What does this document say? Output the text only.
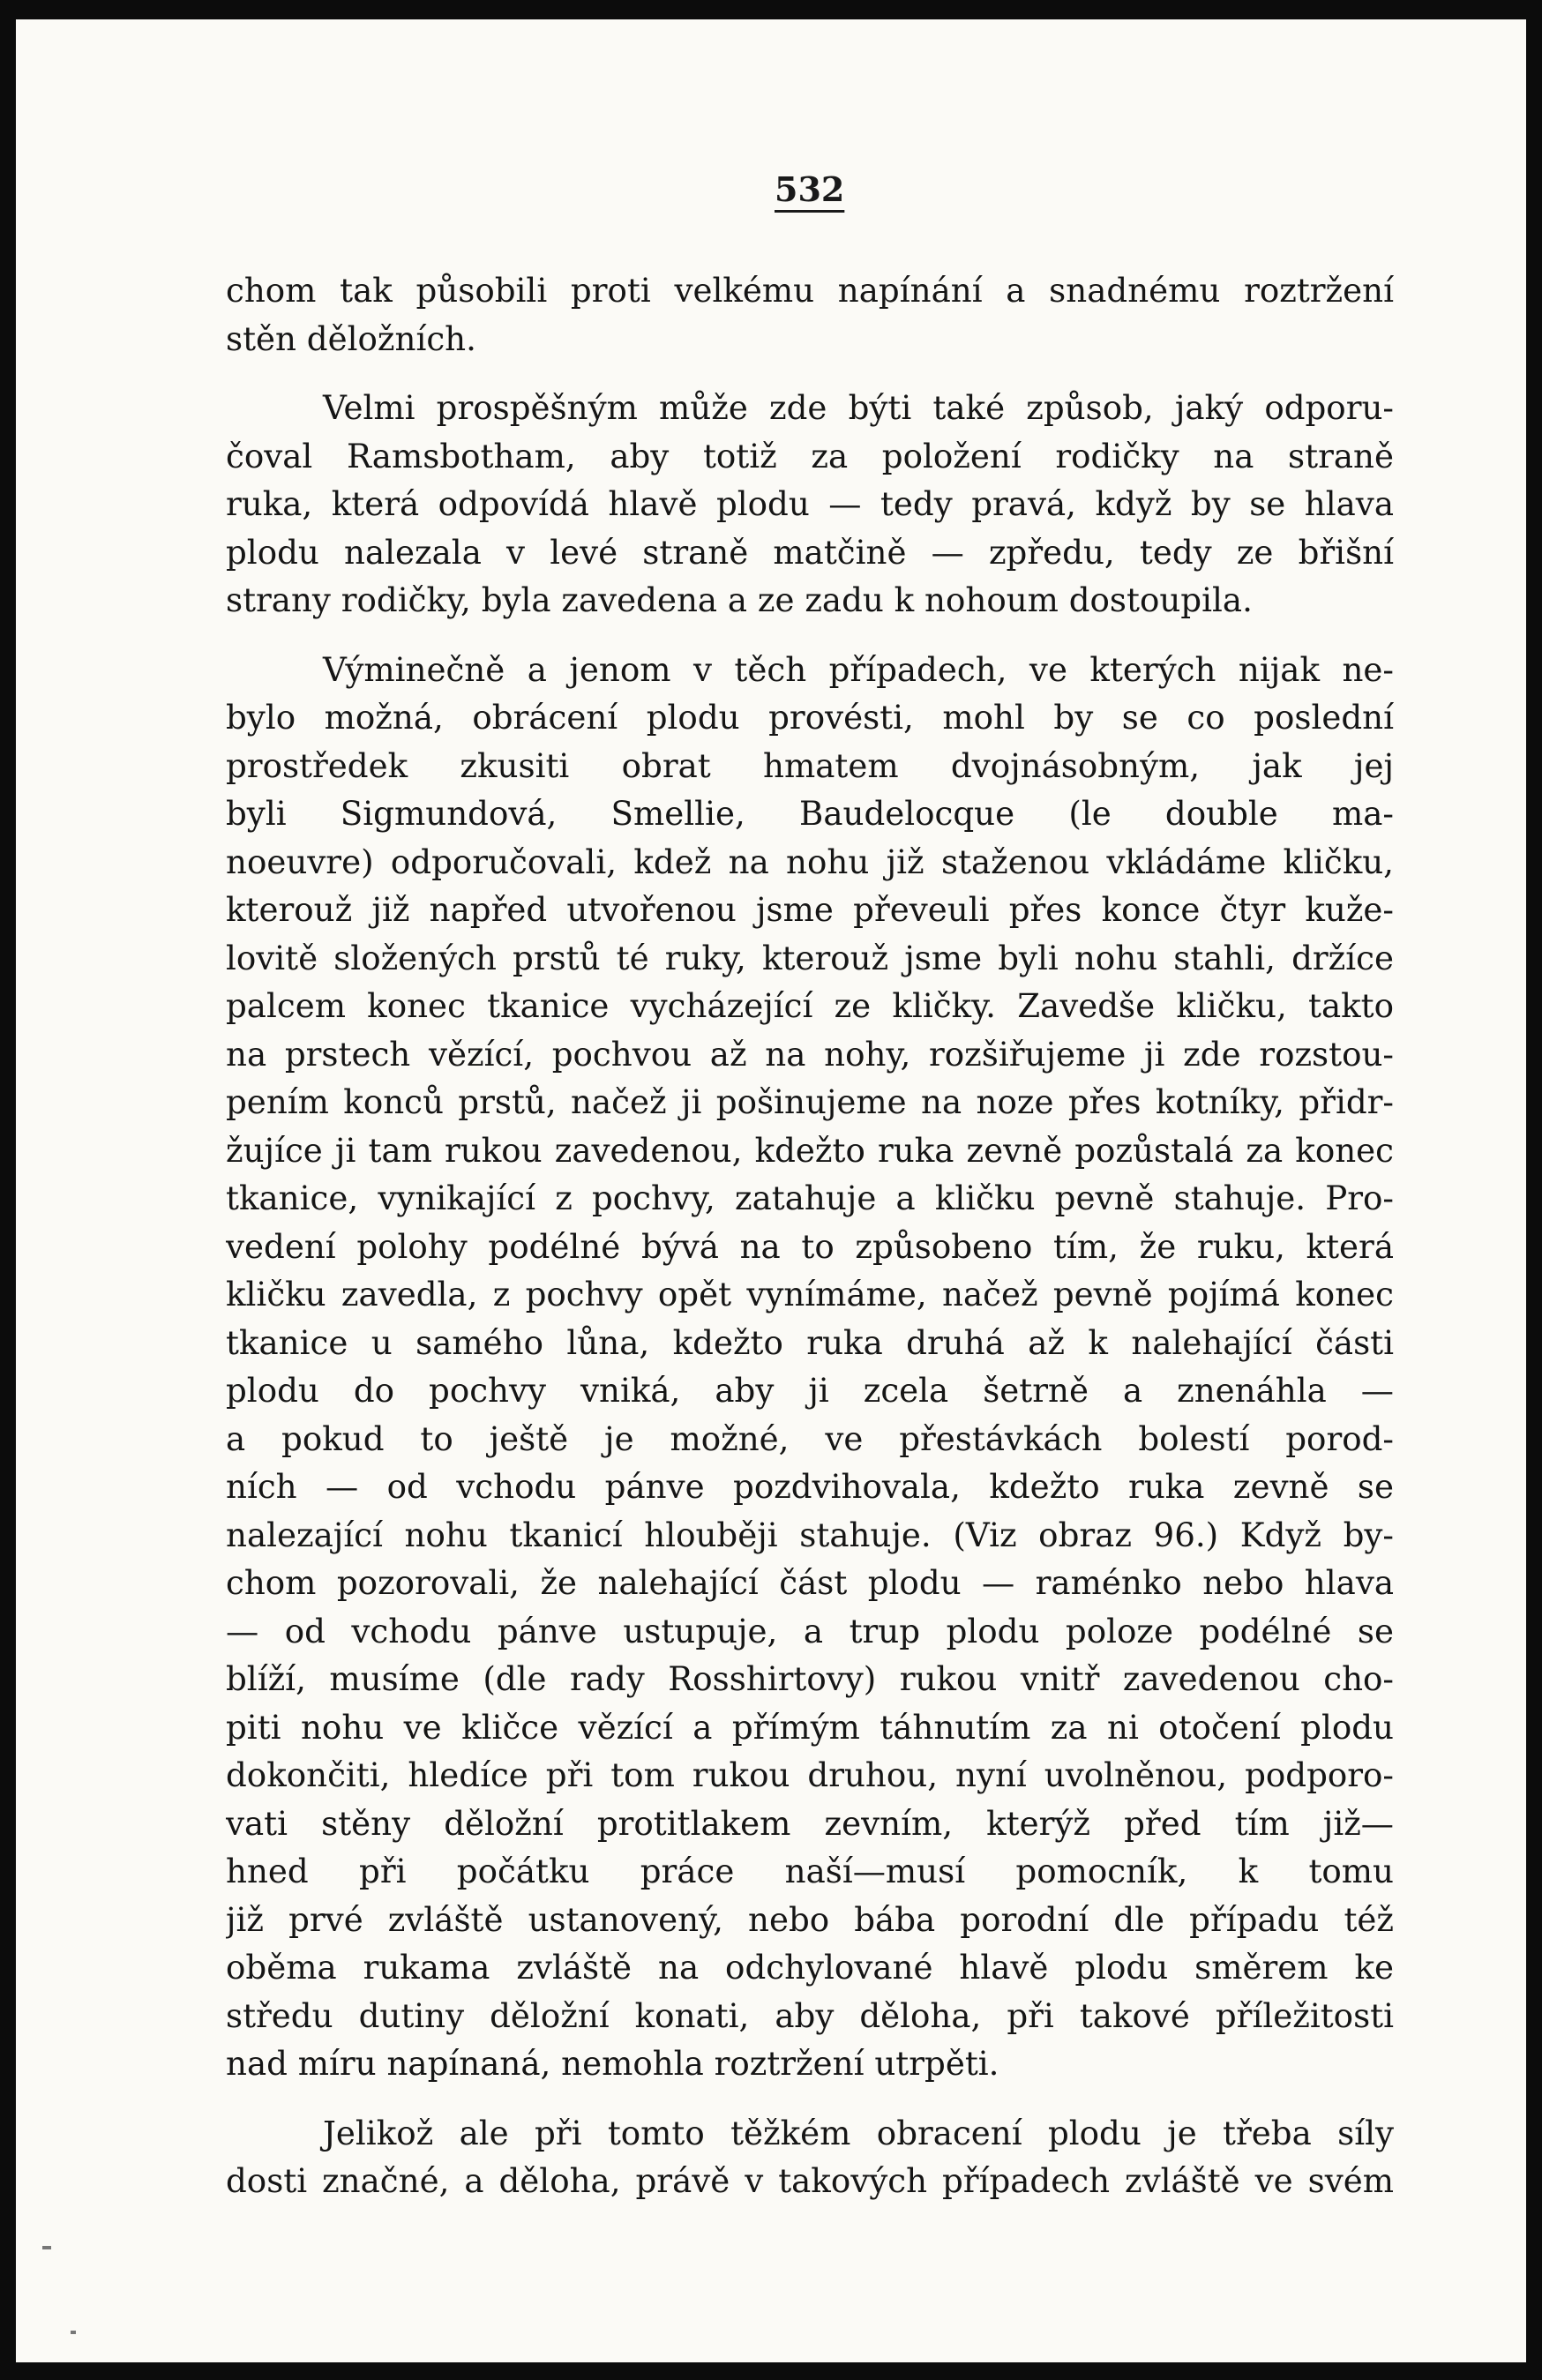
532
chom tak působili proti velkému napínání a snadnému roztržení
stěn děložních.
Velmi prospěšným může zde býti také způsob, jaký odporu-
čoval Ramsbotham, aby totiž za položení rodičky na straně
ruka, která odpovídá hlavě plodu — tedy pravá, když by se hlava
plodu nalezala v levé straně matčině — zpředu, tedy ze břišní
strany rodičky, byla zavedena a ze zadu k nohoum dostoupila.
Výminečně a jenom v těch případech, ve kterých nijak ne-
bylo možná, obrácení plodu provésti, mohl by se co poslední
prostředek zkusiti obrat hmatem dvojnásobným, jak jej
byli Sigmundová, Smellie, Baudelocque (le double ma-
noeuvre) odporučovali, kdež na nohu již staženou vkládáme kličku,
kterouž již napřed utvořenou jsme převeuli přes konce čtyr kuže-
lovitě složených prstů té ruky, kterouž jsme byli nohu stahli, držíce
palcem konec tkanice vycházející ze kličky. Zavedše kličku, takto
na prstech vězící, pochvou až na nohy, rozšiřujeme ji zde rozstou-
pením konců prstů, načež ji pošinujeme na noze přes kotníky, přidr-
žujíce ji tam rukou zavedenou, kdežto ruka zevně pozůstalá za konec
tkanice, vynikající z pochvy, zatahuje a kličku pevně stahuje. Pro-
vedení polohy podélné bývá na to způsobeno tím, že ruku, která
kličku zavedla, z pochvy opět vynímáme, načež pevně pojímá konec
tkanice u samého lůna, kdežto ruka druhá až k nalehající části
plodu do pochvy vniká, aby ji zcela šetrně a znenáhla —
a pokud to ještě je možné, ve přestávkách bolestí porod-
ních — od vchodu pánve pozdvihovala, kdežto ruka zevně se
nalezající nohu tkanicí hlouběji stahuje. (Viz obraz 96.) Když by-
chom pozorovali, že nalehající část plodu — raménko nebo hlava
— od vchodu pánve ustupuje, a trup plodu poloze podélné se
blíží, musíme (dle rady Rosshirtovy) rukou vnitř zavedenou cho-
piti nohu ve kličce vězící a přímým táhnutím za ni otočení plodu
dokončiti, hledíce při tom rukou druhou, nyní uvolněnou, podporo-
vati stěny děložní protitlakem zevním, kterýž před tím již—
hned při počátku práce naší—musí pomocník, k tomu
již prvé zvláště ustanovený, nebo bába porodní dle případu též
oběma rukama zvláště na odchylované hlavě plodu směrem ke
středu dutiny děložní konati, aby děloha, při takové příležitosti
nad míru napínaná, nemohla roztržení utrpěti.
Jelikož ale při tomto těžkém obracení plodu je třeba síly
dosti značné, a děloha, právě v takových případech zvláště ve svém
